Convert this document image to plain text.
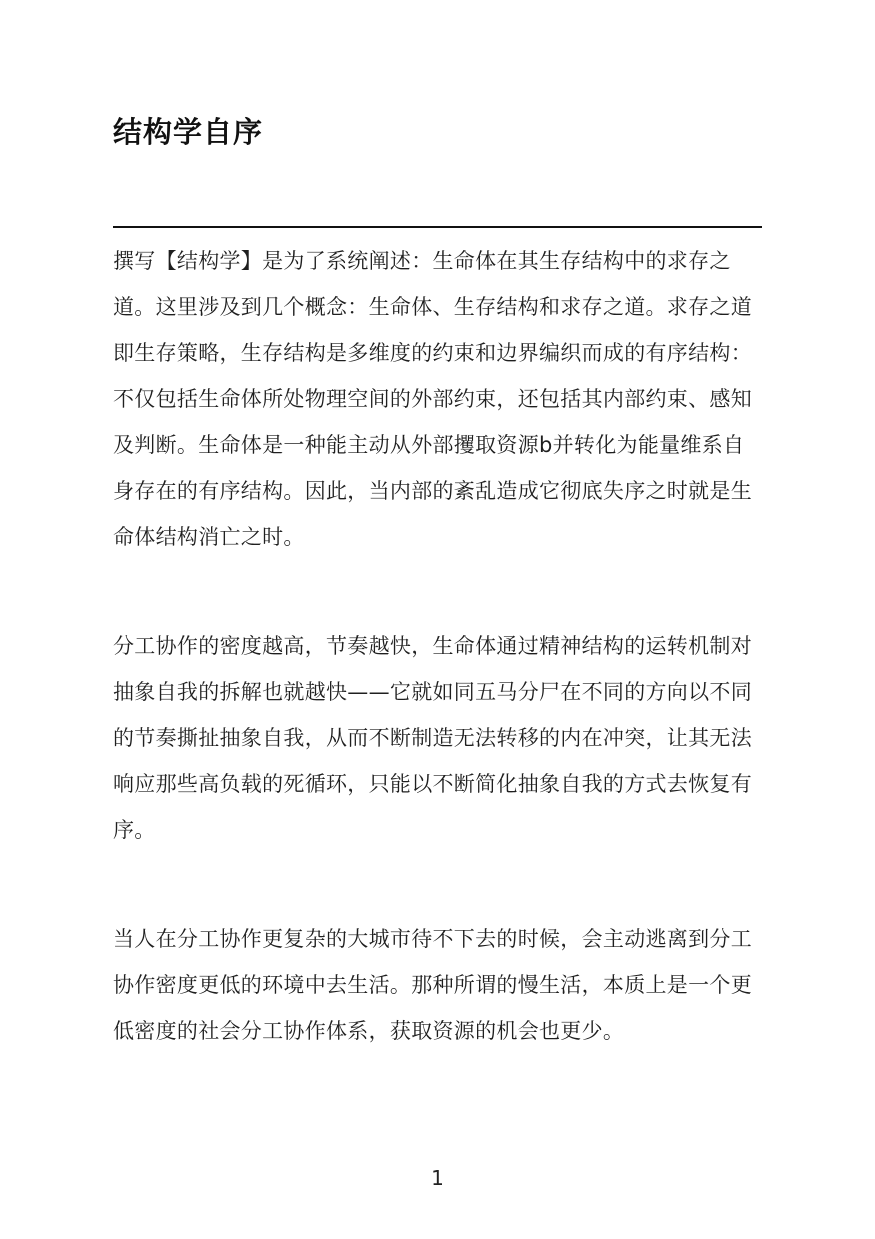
结构学自序

撰写【结构学】是为了系统阐述：生命体在其生存结构中的求存之道。这里涉及到几个概念：生命体、生存结构和求存之道。求存之道即生存策略，生存结构是多维度的约束和边界编织而成的有序结构：不仅包括生命体所处物理空间的外部约束，还包括其内部约束、感知及判断。生命体是一种能主动从外部攫取资源b并转化为能量维系自身存在的有序结构。因此，当内部的紊乱造成它彻底失序之时就是生命体结构消亡之时。

分工协作的密度越高，节奏越快，生命体通过精神结构的运转机制对抽象自我的拆解也就越快——它就如同五马分尸在不同的方向以不同的节奏撕扯抽象自我，从而不断制造无法转移的内在冲突，让其无法响应那些高负载的死循环，只能以不断简化抽象自我的方式去恢复有序。

当人在分工协作更复杂的大城市待不下去的时候，会主动逃离到分工协作密度更低的环境中去生活。那种所谓的慢生活，本质上是一个更低密度的社会分工协作体系，获取资源的机会也更少。

1
